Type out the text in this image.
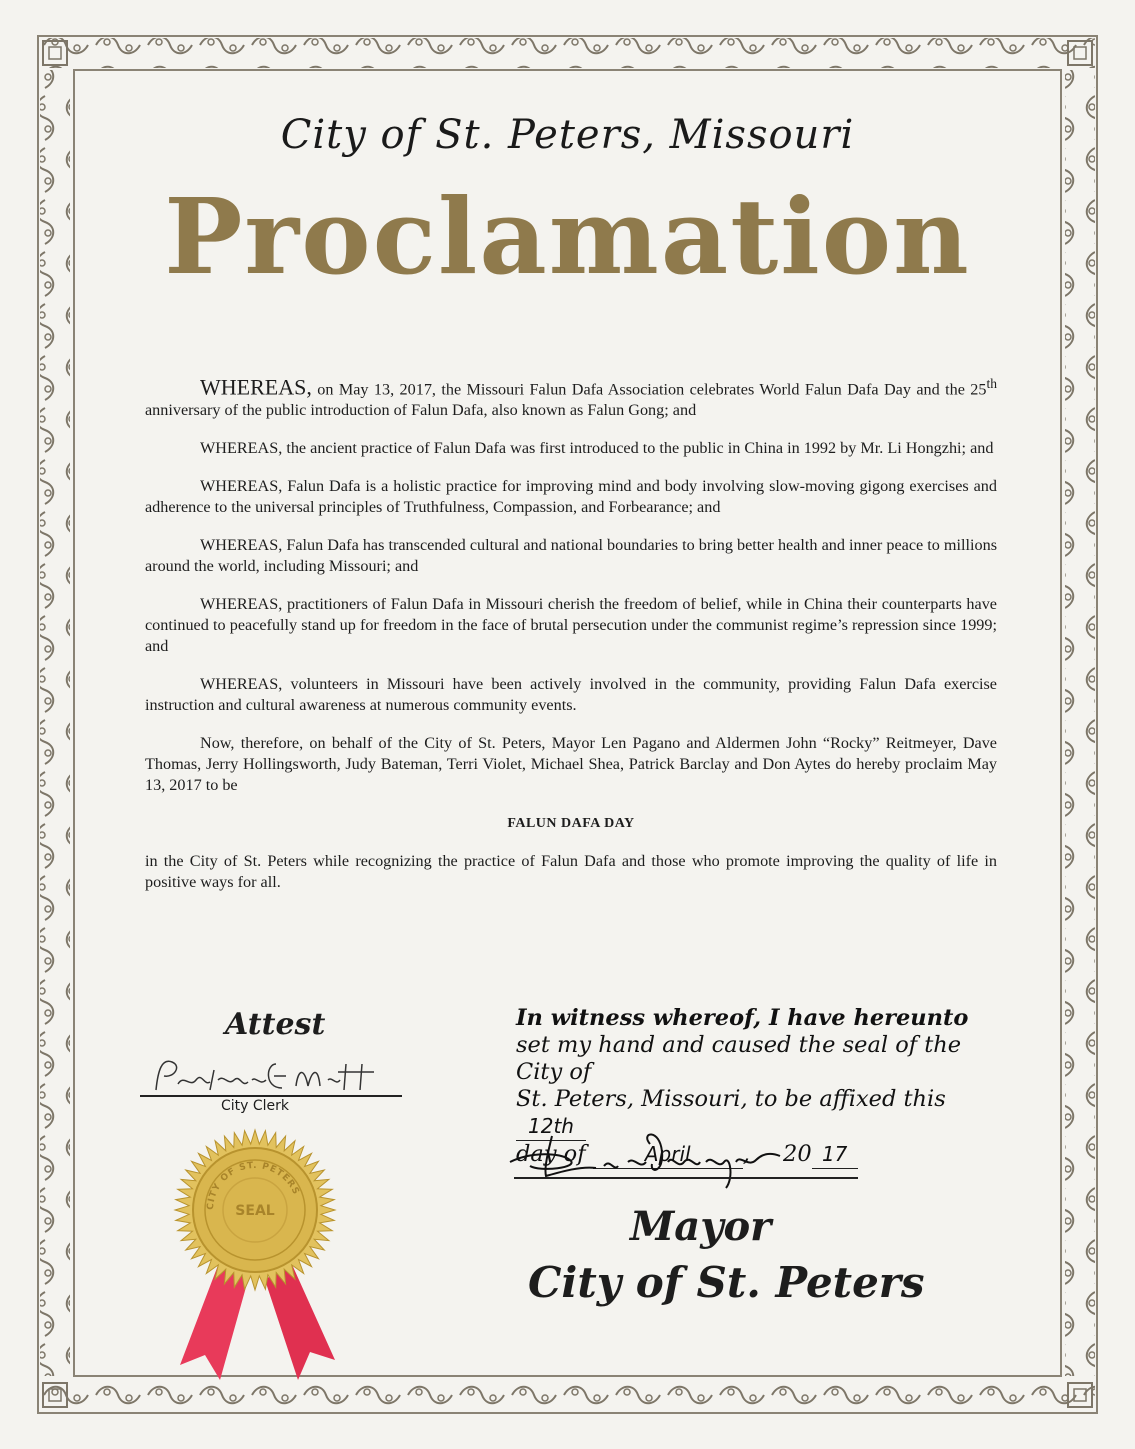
City of St. Peters, Missouri
Proclamation

WHEREAS, on May 13, 2017, the Missouri Falun Dafa Association celebrates World Falun Dafa Day and the 25th anniversary of the public introduction of Falun Dafa, also known as Falun Gong; and

WHEREAS, the ancient practice of Falun Dafa was first introduced to the public in China in 1992 by Mr. Li Hongzhi; and

WHEREAS, Falun Dafa is a holistic practice for improving mind and body involving slow-moving gigong exercises and adherence to the universal principles of Truthfulness, Compassion, and Forbearance; and

WHEREAS, Falun Dafa has transcended cultural and national boundaries to bring better health and inner peace to millions around the world, including Missouri; and

WHEREAS, practitioners of Falun Dafa in Missouri cherish the freedom of belief, while in China their counterparts have continued to peacefully stand up for freedom in the face of brutal persecution under the communist regime’s repression since 1999; and

WHEREAS, volunteers in Missouri have been actively involved in the community, providing Falun Dafa exercise instruction and cultural awareness at numerous community events.

Now, therefore, on behalf of the City of St. Peters, Mayor Len Pagano and Aldermen John “Rocky” Reitmeyer, Dave Thomas, Jerry Hollingsworth, Judy Bateman, Terri Violet, Michael Shea, Patrick Barclay and Don Aytes do hereby proclaim May 13, 2017 to be

FALUN DAFA DAY

in the City of St. Peters while recognizing the practice of Falun Dafa and those who promote improving the quality of life in positive ways for all.

Attest
City Clerk
SEAL
CITY OF ST. PETERS
In witness whereof, I have hereunto
set my hand and caused the seal of the City of
St. Peters, Missouri, to be affixed this 12th
day of	April , 20 17
Mayor
City of St. Peters
